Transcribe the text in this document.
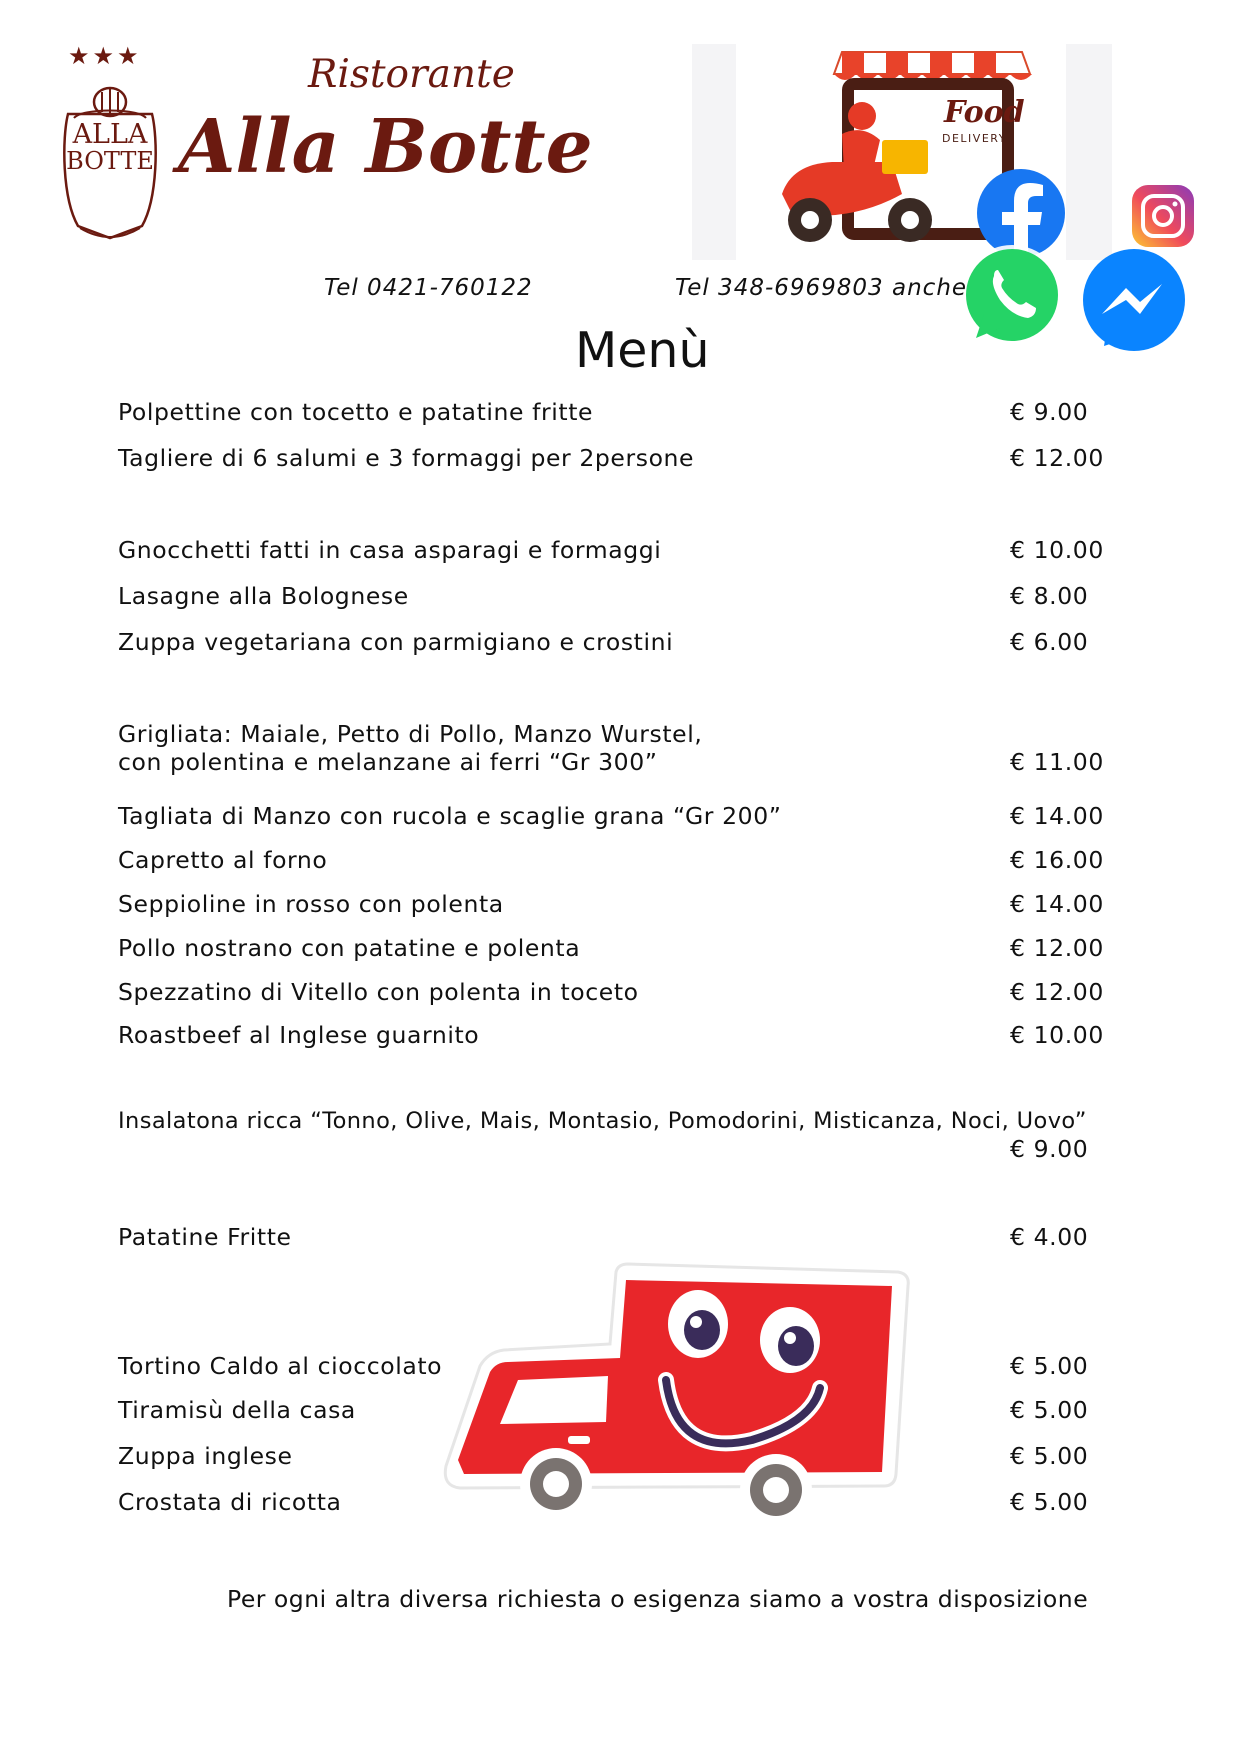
★★★
ALLA
BOTTE
Ristorante
Alla Botte	Food
DELIVERY
Tel 0421-760122	Tel 348-6969803 anche
Menù
Polpettine con tocetto e patatine fritte	€ 9.00
Tagliere di 6 salumi e 3 formaggi per 2persone	€ 12.00
Gnocchetti fatti in casa asparagi e formaggi	€ 10.00
Lasagne alla Bolognese	€ 8.00
Zuppa vegetariana con parmigiano e crostini	€ 6.00
Grigliata: Maiale, Petto di Pollo, Manzo Wurstel,
con polentina e melanzane ai ferri “Gr 300”	€ 11.00
Tagliata di Manzo con rucola e scaglie grana “Gr 200”	€ 14.00
Capretto al forno	€ 16.00
Seppioline in rosso con polenta	€ 14.00
Pollo nostrano con patatine e polenta	€ 12.00
Spezzatino di Vitello con polenta in toceto	€ 12.00
Roastbeef al Inglese guarnito	€ 10.00
Insalatona ricca “Tonno, Olive, Mais, Montasio, Pomodorini, Misticanza, Noci, Uovo”
€ 9.00
Patatine Fritte	€ 4.00
Tortino Caldo al cioccolato	€ 5.00
Tiramisù della casa	€ 5.00
Zuppa inglese	€ 5.00
Crostata di ricotta	€ 5.00
Per ogni altra diversa richiesta o esigenza siamo a vostra disposizione
